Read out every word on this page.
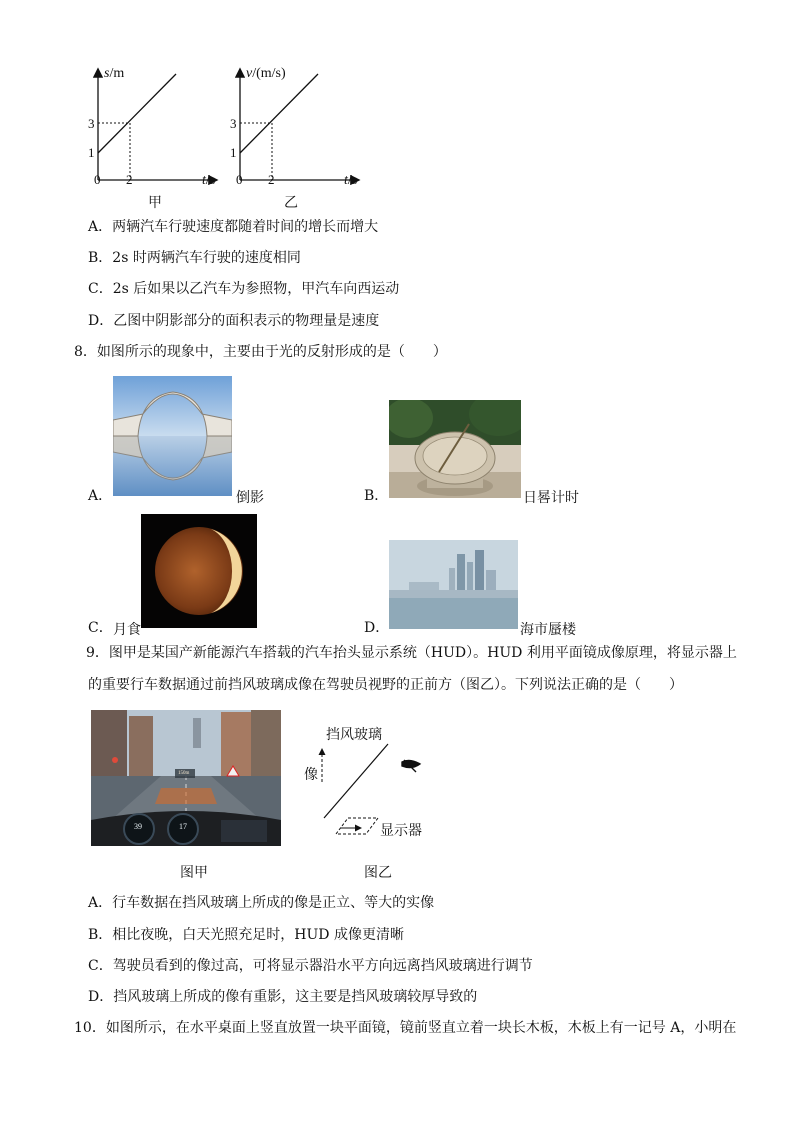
s/m
3
1
0 2	t/s
甲
v/(m/s)
3
1
0 2	t/s
乙
A．两辆汽车行驶速度都随着时间的增长而增大
B．2s 时两辆汽车行驶的速度相同
C．2s 后如果以乙汽车为参照物，甲汽车向西运动
D．乙图中阴影部分的面积表示的物理量是速度
8．如图所示的现象中，主要由于光的反射形成的是（　　）
A．	倒影	B．	日晷计时
C． 月食	D．	海市蜃楼
9．图甲是某国产新能源汽车搭载的汽车抬头显示系统（HUD）。HUD 利用平面镜成像原理，将显示器上
的重要行车数据通过前挡风玻璃成像在驾驶员视野的正前方（图乙）。下列说法正确的是（　　）
150m
39	17
图甲
挡风玻璃
像
显示器
图乙
A．行车数据在挡风玻璃上所成的像是正立、等大的实像
B．相比夜晚，白天光照充足时，HUD 成像更清晰
C．驾驶员看到的像过高，可将显示器沿水平方向远离挡风玻璃进行调节
D．挡风玻璃上所成的像有重影，这主要是挡风玻璃较厚导致的
10．如图所示，在水平桌面上竖直放置一块平面镜，镜前竖直立着一块长木板，木板上有一记号 A，小明在
